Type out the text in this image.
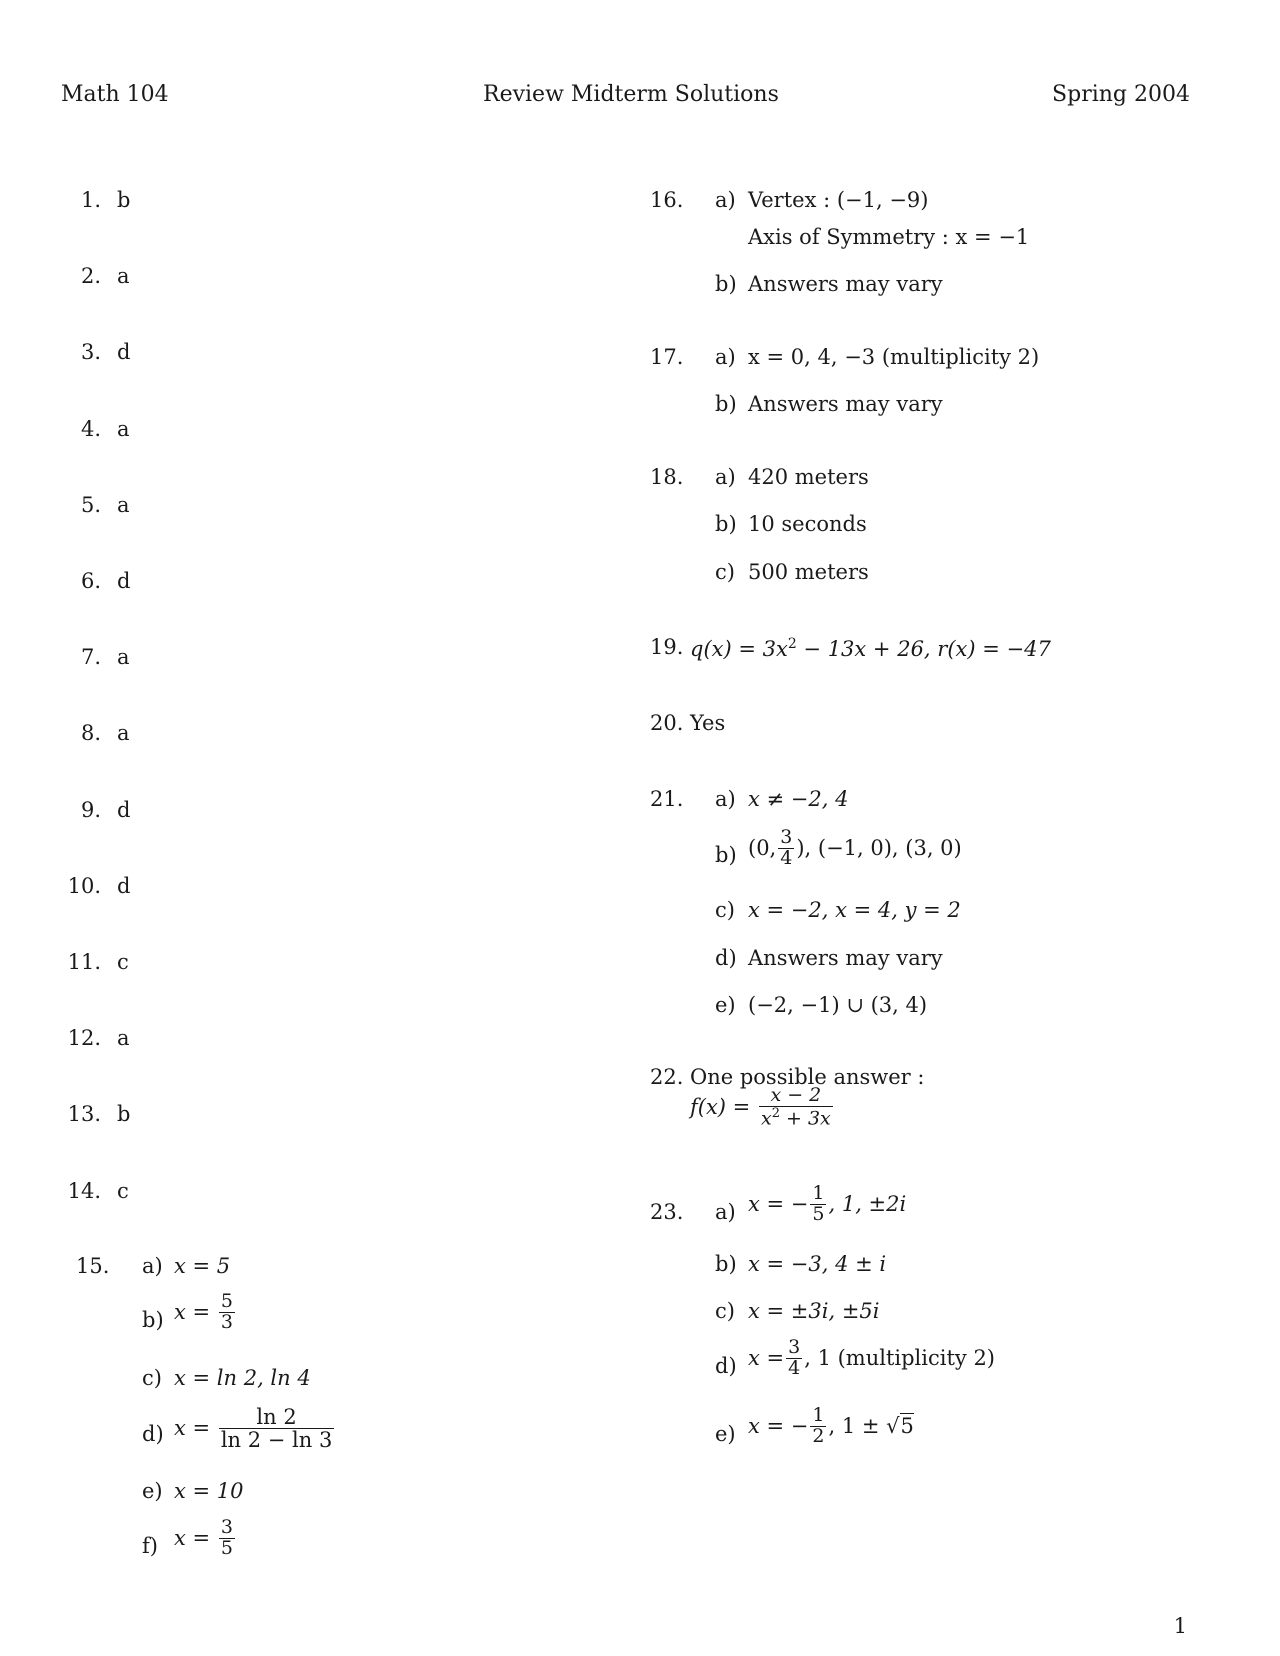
Math 104	Review Midterm Solutions	Spring 2004
1. b
2. a
3. d
4. a
5. a
6. d
7. a
8. a
9. d
10. d
11. c
12. a
13. b
14. c
15. a) x = 5
b) $x = \frac{5}{3}$
c) x = ln 2, ln 4
d) $x = \frac{\ln 2}{\ln 2 - \ln 3}$
e) x = 10
f) $x = \frac{3}{5}$
16. a) Vertex : (−1, −9)
Axis of Symmetry : x = −1
b) Answers may vary
17. a) x = 0, 4, −3 (multiplicity 2)
b) Answers may vary
18. a) 420 meters
b) 10 seconds
c) 500 meters
19. $q(x) = 3x^2 - 13x + 26$, r(x) = −47
20. Yes
21. a) x ≠ −2, 4
b) (0, $\frac{3}{4}$ ), (−1, 0), (3, 0)
c) x = −2, x = 4, y = 2
d) Answers may vary
e) (−2, −1) ∪ (3, 4)
22. One possible answer :
$f(x) = \frac{x - 2}{x^2 + 3x}$
23. a) x = − $\frac{1}{5}$ , 1, ±2i
b) x = −3, 4 ± i
c) x = ±3i, ±5i
d) $x = \frac{3}{4}$ , 1 (multiplicity 2)
e) x = − $\frac{1}{2}$ , 1 ± √5
1
